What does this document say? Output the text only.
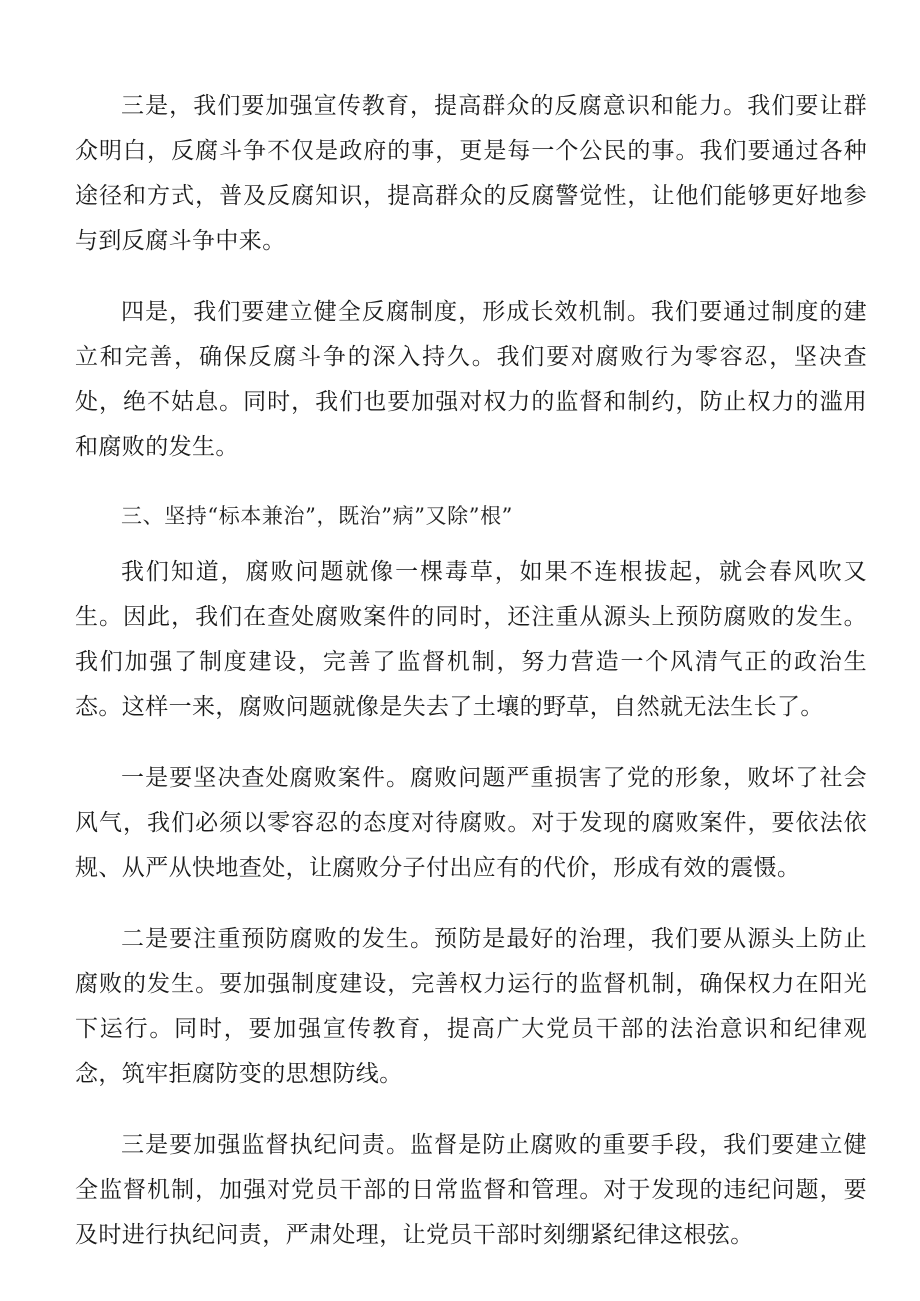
三是，我们要加强宣传教育，提高群众的反腐意识和能力。我们要让群众明白，反腐斗争不仅是政府的事，更是每一个公民的事。我们要通过各种途径和方式，普及反腐知识，提高群众的反腐警觉性，让他们能够更好地参与到反腐斗争中来。

四是，我们要建立健全反腐制度，形成长效机制。我们要通过制度的建立和完善，确保反腐斗争的深入持久。我们要对腐败行为零容忍，坚决查处，绝不姑息。同时，我们也要加强对权力的监督和制约，防止权力的滥用和腐败的发生。

三、坚持“标本兼治”，既治”病”又除”根”

我们知道，腐败问题就像一棵毒草，如果不连根拔起，就会春风吹又生。因此，我们在查处腐败案件的同时，还注重从源头上预防腐败的发生。我们加强了制度建设，完善了监督机制，努力营造一个风清气正的政治生态。这样一来，腐败问题就像是失去了土壤的野草，自然就无法生长了。

一是要坚决查处腐败案件。腐败问题严重损害了党的形象，败坏了社会风气，我们必须以零容忍的态度对待腐败。对于发现的腐败案件，要依法依规、从严从快地查处，让腐败分子付出应有的代价，形成有效的震慑。

二是要注重预防腐败的发生。预防是最好的治理，我们要从源头上防止腐败的发生。要加强制度建设，完善权力运行的监督机制，确保权力在阳光下运行。同时，要加强宣传教育，提高广大党员干部的法治意识和纪律观念，筑牢拒腐防变的思想防线。

三是要加强监督执纪问责。监督是防止腐败的重要手段，我们要建立健全监督机制，加强对党员干部的日常监督和管理。对于发现的违纪问题，要及时进行执纪问责，严肃处理，让党员干部时刻绷紧纪律这根弦。
